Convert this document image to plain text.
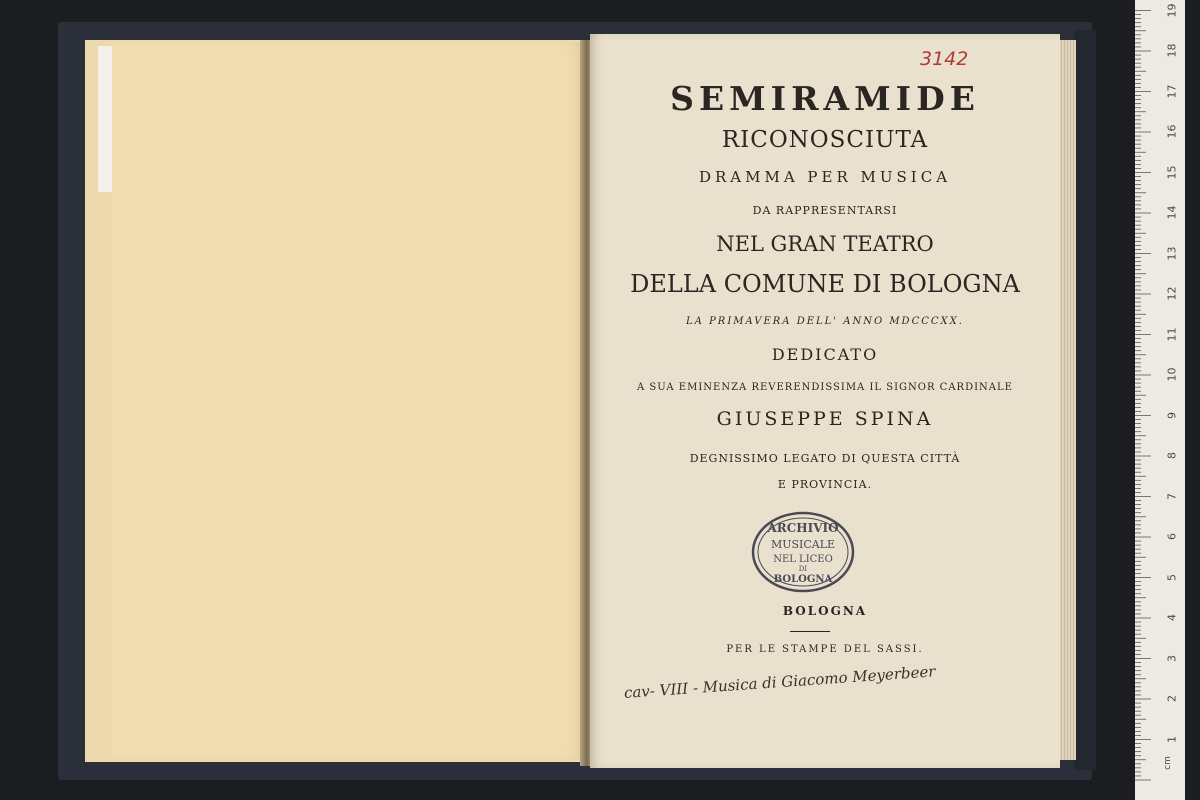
SEMIRAMIDE
RICONOSCIUTA
DRAMMA PER MUSICA
DA RAPPRESENTARSI
NEL GRAN TEATRO
DELLA COMUNE DI BOLOGNA
LA PRIMAVERA DELL' ANNO MDCCCXX.
DEDICATO
A SUA EMINENZA REVERENDISSIMA IL SIGNOR CARDINALE
GIUSEPPE SPINA
DEGNISSIMO LEGATO DI QUESTA CITTÀ
E PROVINCIA.
BOLOGNA
PER LE STAMPE DEL SASSI.
3142
cav- VIII - Musica di Giacomo Meyerbeer
ARCHIVIO
MUSICALE
NEL LICEO
DI
BOLOGNA
cm
1
2
3
4
5
6
7
8
9
10
11
12
13
14
15
16
17
18
19
